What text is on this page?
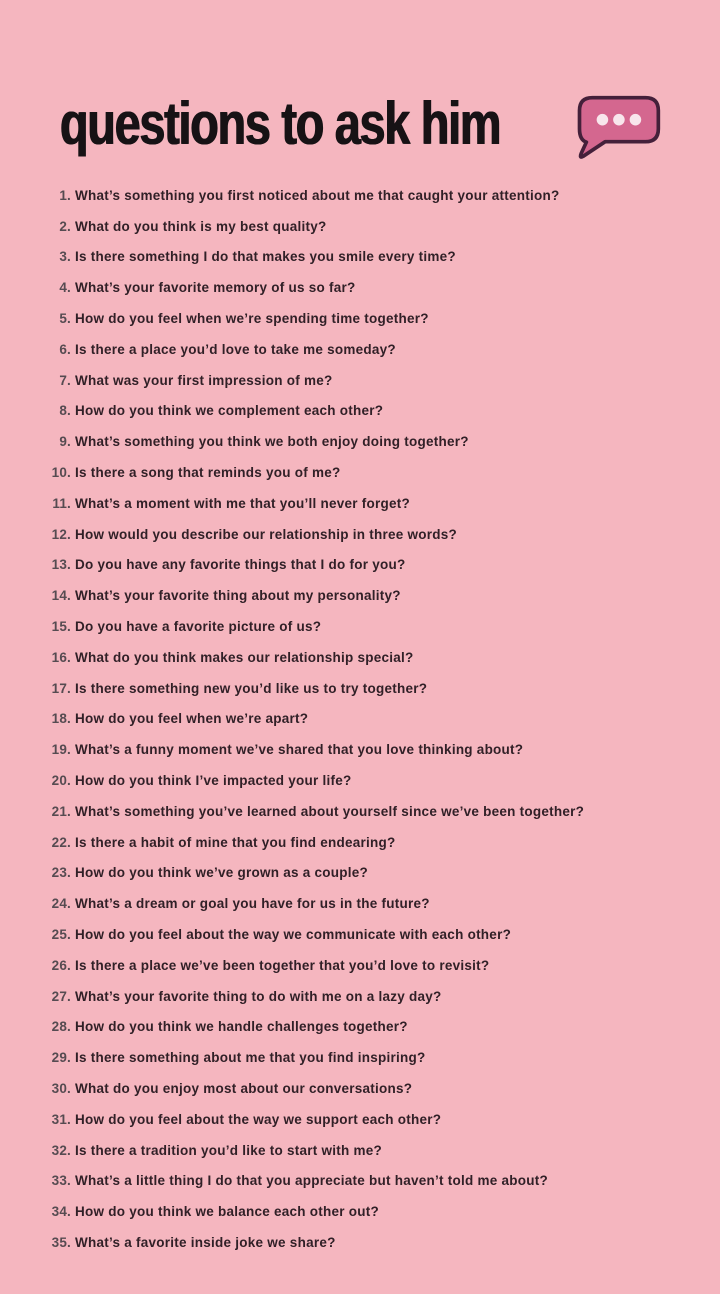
questions to ask him
1. What’s something you first noticed about me that caught your attention?
2. What do you think is my best quality?
3. Is there something I do that makes you smile every time?
4. What’s your favorite memory of us so far?
5. How do you feel when we’re spending time together?
6. Is there a place you’d love to take me someday?
7. What was your first impression of me?
8. How do you think we complement each other?
9. What’s something you think we both enjoy doing together?
10. Is there a song that reminds you of me?
11. What’s a moment with me that you’ll never forget?
12. How would you describe our relationship in three words?
13. Do you have any favorite things that I do for you?
14. What’s your favorite thing about my personality?
15. Do you have a favorite picture of us?
16. What do you think makes our relationship special?
17. Is there something new you’d like us to try together?
18. How do you feel when we’re apart?
19. What’s a funny moment we’ve shared that you love thinking about?
20. How do you think I’ve impacted your life?
21. What’s something you’ve learned about yourself since we’ve been together?
22. Is there a habit of mine that you find endearing?
23. How do you think we’ve grown as a couple?
24. What’s a dream or goal you have for us in the future?
25. How do you feel about the way we communicate with each other?
26. Is there a place we’ve been together that you’d love to revisit?
27. What’s your favorite thing to do with me on a lazy day?
28. How do you think we handle challenges together?
29. Is there something about me that you find inspiring?
30. What do you enjoy most about our conversations?
31. How do you feel about the way we support each other?
32. Is there a tradition you’d like to start with me?
33. What’s a little thing I do that you appreciate but haven’t told me about?
34. How do you think we balance each other out?
35. What’s a favorite inside joke we share?
